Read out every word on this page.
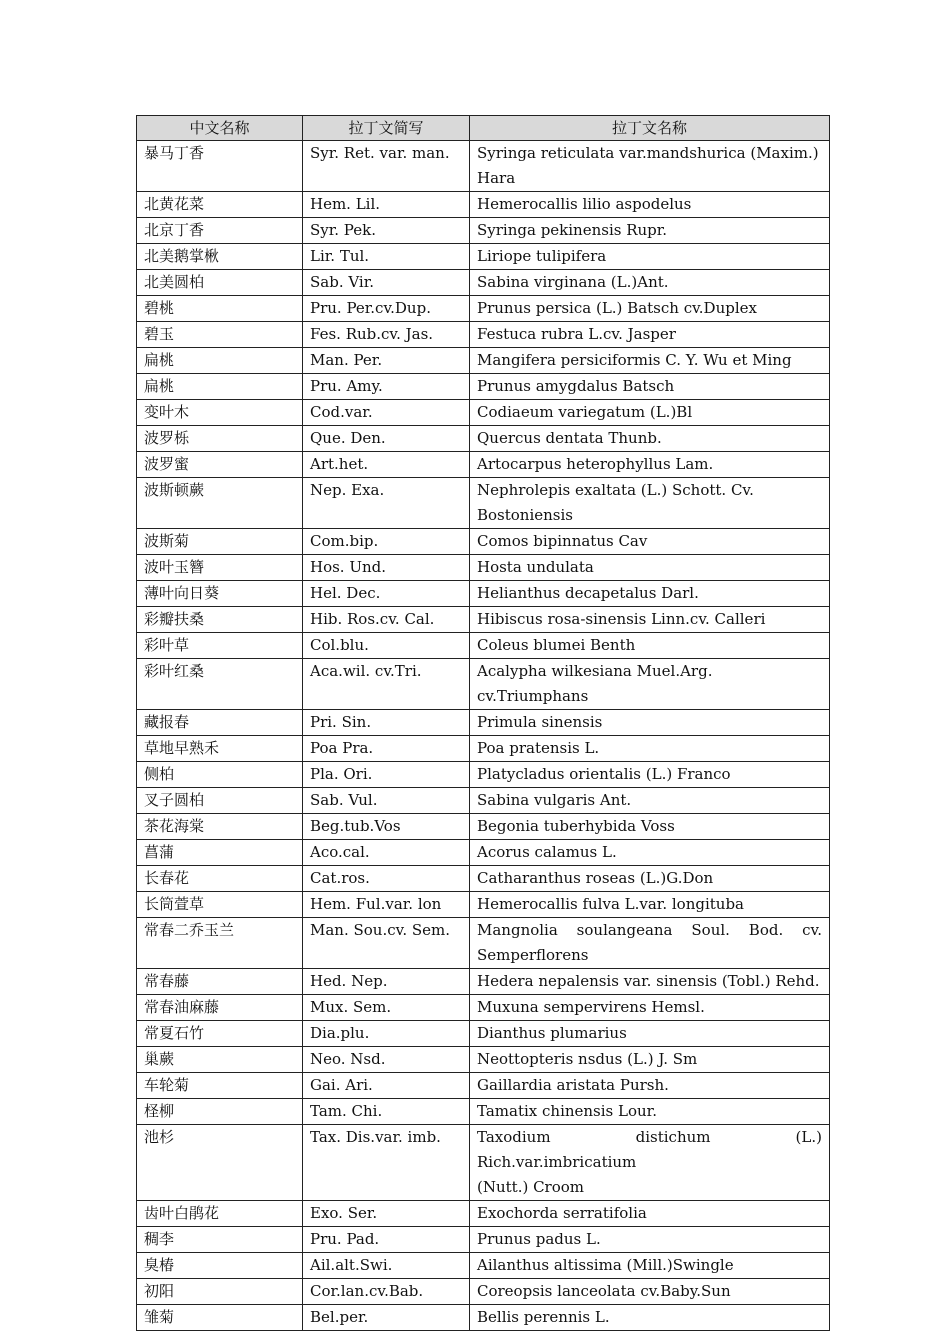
中文名称	拉丁文简写	拉丁文名称
暴马丁香	Syr. Ret. var. man.	Syringa reticulata var.mandshurica (Maxim.) Hara
北黄花菜	Hem. Lil.	Hemerocallis lilio aspodelus
北京丁香	Syr. Pek.	Syringa pekinensis Rupr.
北美鹅掌楸	Lir. Tul.	Liriope tulipifera
北美圆柏	Sab. Vir.	Sabina virginana (L.)Ant.
碧桃	Pru. Per.cv.Dup.	Prunus persica (L.) Batsch cv.Duplex
碧玉	Fes. Rub.cv. Jas.	Festuca rubra L.cv. Jasper
扁桃	Man. Per.	Mangifera persiciformis C. Y. Wu et Ming
扁桃	Pru. Amy.	Prunus amygdalus Batsch
变叶木	Cod.var.	Codiaeum variegatum (L.)Bl
波罗栎	Que. Den.	Quercus dentata Thunb.
波罗蜜	Art.het.	Artocarpus heterophyllus Lam.
波斯顿蕨	Nep. Exa.	Nephrolepis exaltata (L.) Schott. Cv. Bostoniensis
波斯菊	Com.bip.	Comos bipinnatus Cav
波叶玉簪	Hos. Und.	Hosta undulata
薄叶向日葵	Hel. Dec.	Helianthus decapetalus Darl.
彩瓣扶桑	Hib. Ros.cv. Cal.	Hibiscus rosa-sinensis Linn.cv. Calleri
彩叶草	Col.blu.	Coleus blumei Benth
彩叶红桑	Aca.wil. cv.Tri.	Acalypha wilkesiana Muel.Arg. cv.Triumphans
藏报春	Pri. Sin.	Primula sinensis
草地早熟禾	Poa Pra.	Poa pratensis L.
侧柏	Pla. Ori.	Platycladus orientalis (L.) Franco
叉子圆柏	Sab. Vul.	Sabina vulgaris Ant.
茶花海棠	Beg.tub.Vos	Begonia tuberhybida Voss
菖蒲	Aco.cal.	Acorus calamus L.
长春花	Cat.ros.	Catharanthus roseas (L.)G.Don
长筒萱草	Hem. Ful.var. lon	Hemerocallis fulva L.var. longituba
常春二乔玉兰	Man. Sou.cv. Sem.	Mangnolia soulangeana Soul. Bod. cv.
Semperflorens

常春藤	Hed. Nep.	Hedera nepalensis var. sinensis (Tobl.) Rehd.
常春油麻藤	Mux. Sem.	Muxuna sempervirens Hemsl.
常夏石竹	Dia.plu.	Dianthus plumarius
巢蕨	Neo. Nsd.	Neottopteris nsdus (L.) J. Sm
车轮菊	Gai. Ari.	Gaillardia aristata Pursh.
柽柳	Tam. Chi.	Tamatix chinensis Lour.
池杉	Tax. Dis.var. imb.	Taxodium distichum (L.) Rich.var.imbricatium
(Nutt.) Croom

齿叶白鹃花	Exo. Ser.	Exochorda serratifolia
稠李	Pru. Pad.	Prunus padus L.
臭椿	Ail.alt.Swi.	Ailanthus altissima (Mill.)Swingle
初阳	Cor.lan.cv.Bab.	Coreopsis lanceolata cv.Baby.Sun
雏菊	Bel.per.	Bellis perennis L.
